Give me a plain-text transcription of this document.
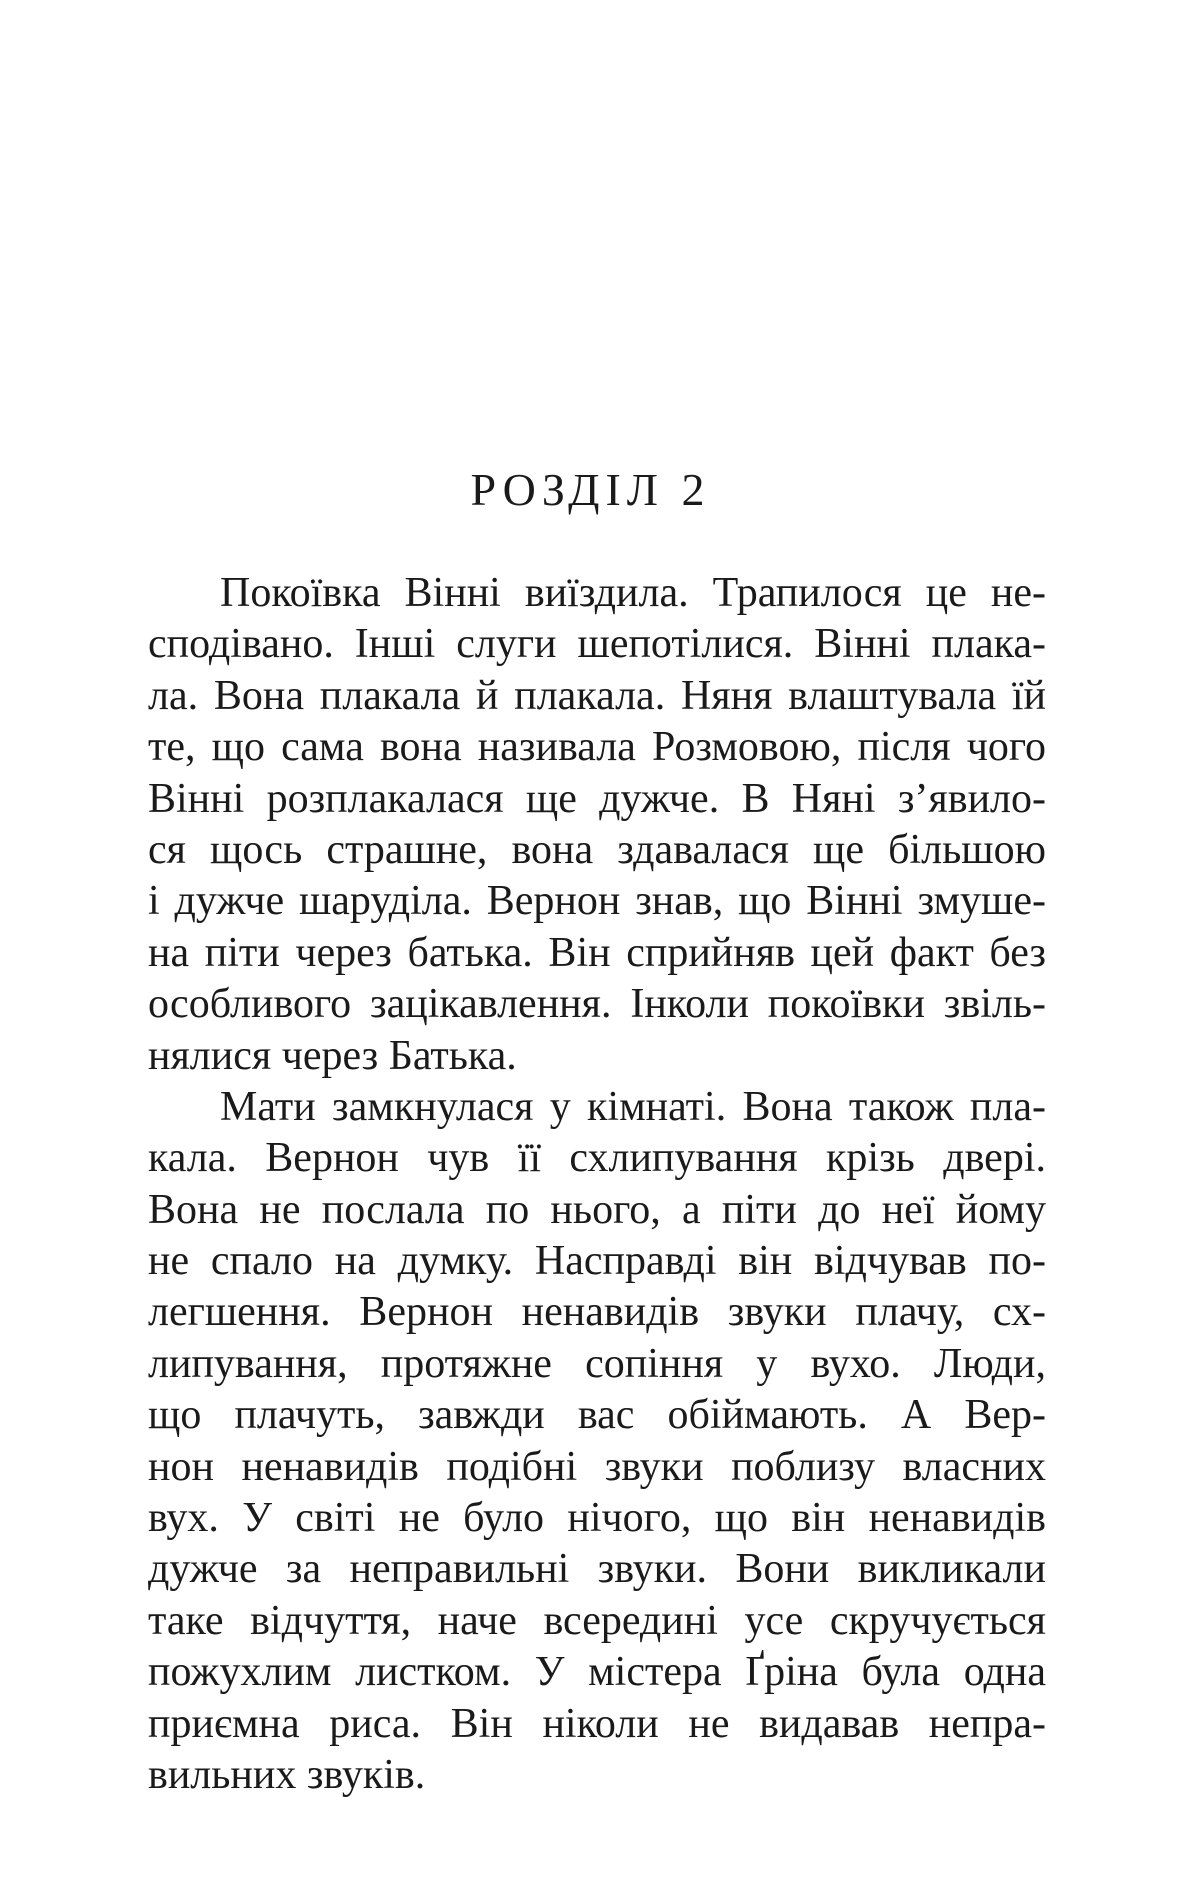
РОЗДІЛ 2
Покоївка Вінні виїздила. Трапилося це не-
сподівано. Інші слуги шепотілися. Вінні плака-
ла. Вона плакала й плакала. Няня влаштувала їй
те, що сама вона називала Розмовою, після чого
Вінні розплакалася ще дужче. В Няні з’явило-
ся щось страшне, вона здавалася ще більшою
і дужче шаруділа. Вернон знав, що Вінні змуше-
на піти через батька. Він сприйняв цей факт без
особливого зацікавлення. Інколи покоївки звіль-
нялися через Батька.
Мати замкнулася у кімнаті. Вона також пла-
кала. Вернон чув її схлипування крізь двері.
Вона не послала по нього, а піти до неї йому
не спало на думку. Насправді він відчував по-
легшення. Вернон ненавидів звуки плачу, сх-
липування, протяжне сопіння у вухо. Люди,
що плачуть, завжди вас обіймають. А Вер-
нон ненавидів подібні звуки поблизу власних
вух. У світі не було нічого, що він ненавидів
дужче за неправильні звуки. Вони викликали
таке відчуття, наче всередині усе скручується
пожухлим листком. У містера Ґріна була одна
приємна риса. Він ніколи не видавав непра-
вильних звуків.
